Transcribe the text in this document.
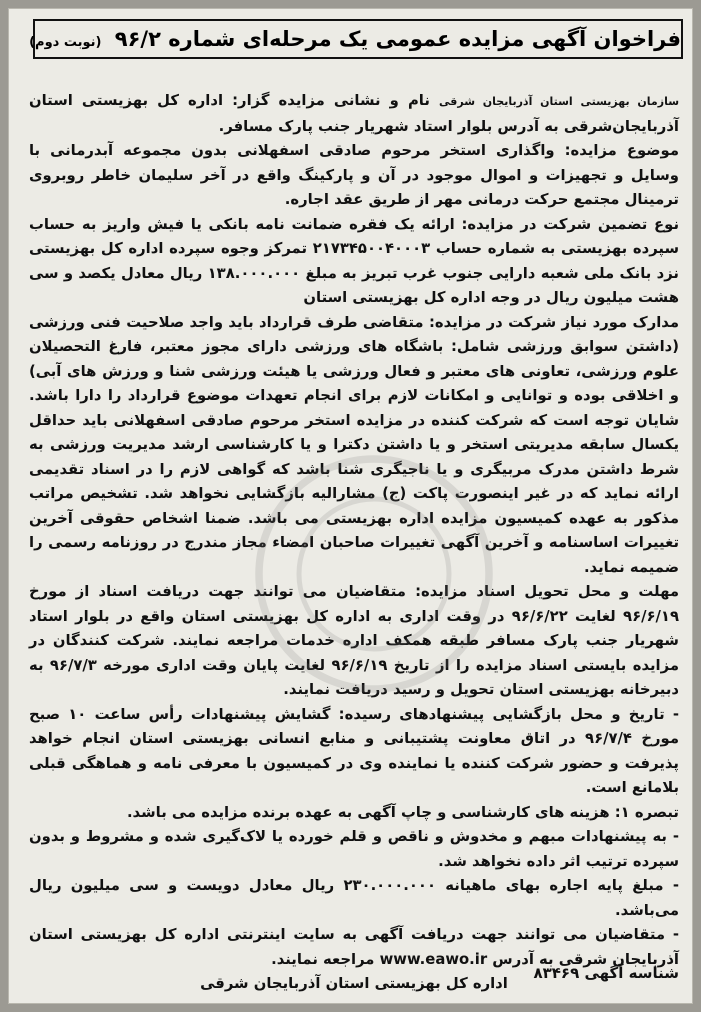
فراخوان آگهی مزایده عمومی یک مرحله‌ای شماره ۹۶/۲ (نوبت دوم)

سازمان بهزیستی استان آذربایجان شرقی نام و نشانی مزایده گزار: اداره کل بهزیستی استان آذربایجان‌شرقی به آدرس بلوار استاد شهریار جنب پارک مسافر.

موضوع مزایده: واگذاری استخر مرحوم صادقی اسفهلانی بدون مجموعه آبدرمانی با وسایل و تجهیزات و اموال موجود در آن و پارکینگ واقع در آخر سلیمان خاطر روبروی ترمینال مجتمع حرکت درمانی مهر از طریق عقد اجاره.

نوع تضمین شرکت در مزایده: ارائه یک فقره ضمانت نامه بانکی یا فیش واریز به حساب سپرده بهزیستی به شماره حساب ۲۱۷۳۴۵۰۰۴۰۰۰۳ تمرکز وجوه سپرده اداره کل بهزیستی نزد بانک ملی شعبه دارایی جنوب غرب تبریز به مبلغ ۱۳۸.۰۰۰.۰۰۰ ریال معادل یکصد و سی هشت میلیون ریال در وجه اداره کل بهزیستی استان

مدارک مورد نیاز شرکت در مزایده: متقاضی طرف قرارداد باید واجد صلاحیت فنی ورزشی (داشتن سوابق ورزشی شامل: باشگاه های ورزشی دارای مجوز معتبر، فارغ التحصیلان علوم ورزشی، تعاونی های معتبر و فعال ورزشی یا هیئت ورزشی شنا و ورزش های آبی) و اخلاقی بوده و توانایی و امکانات لازم برای انجام تعهدات موضوع قرارداد را دارا باشد. شایان توجه است که شرکت کننده در مزایده استخر مرحوم صادقی اسفهلانی باید حداقل یکسال سابقه مدیریتی استخر و یا داشتن دکترا و یا کارشناسی ارشد مدیریت ورزشی به شرط داشتن مدرک مربیگری و یا ناجیگری شنا باشد که گواهی لازم را در اسناد تقدیمی ارائه نماید که در غیر اینصورت پاکت (ج) مشارالیه بازگشایی نخواهد شد. تشخیص مراتب مذکور به عهده کمیسیون مزایده اداره بهزیستی می باشد. ضمنا اشخاص حقوقی آخرین تغییرات اساسنامه و آخرین آگهی تغییرات صاحبان امضاء مجاز مندرج در روزنامه رسمی را ضمیمه نماید.

مهلت و محل تحویل اسناد مزایده: متقاضیان می توانند جهت دریافت اسناد از مورخ ۹۶/۶/۱۹ لغایت ۹۶/۶/۲۲ در وقت اداری به اداره کل بهزیستی استان واقع در بلوار استاد شهریار جنب پارک مسافر طبقه همکف اداره خدمات مراجعه نمایند. شرکت کنندگان در مزایده بایستی اسناد مزایده را از تاریخ ۹۶/۶/۱۹ لغایت پایان وقت اداری مورخه ۹۶/۷/۳ به دبیرخانه بهزیستی استان تحویل و رسید دریافت نمایند.

- تاریخ و محل بازگشایی پیشنهادهای رسیده: گشایش پیشنهادات رأس ساعت ۱۰ صبح مورخ ۹۶/۷/۴ در اتاق معاونت پشتیبانی و منابع انسانی بهزیستی استان انجام خواهد پذیرفت و حضور شرکت کننده یا نماینده وی در کمیسیون با معرفی نامه و هماهگی قبلی بلامانع است.

تبصره ۱: هزینه های کارشناسی و چاپ آگهی به عهده برنده مزایده می باشد.

- به پیشنهادات مبهم و مخدوش و ناقص و قلم خورده یا لاک‌گیری شده و مشروط و بدون سپرده ترتیب اثر داده نخواهد شد.

- مبلغ پایه اجاره بهای ماهیانه ۲۳۰.۰۰۰.۰۰۰ ریال معادل دویست و سی میلیون ریال می‌باشد.

- متقاضیان می توانند جهت دریافت آگهی به سایت اینترنتی اداره کل بهزیستی استان آذربایجان شرقی به آدرس www.eawo.ir مراجعه نمایند.

اداره کل بهزیستی استان آذربایجان شرقی

شناسه آگهی ۸۳۴۶۹
